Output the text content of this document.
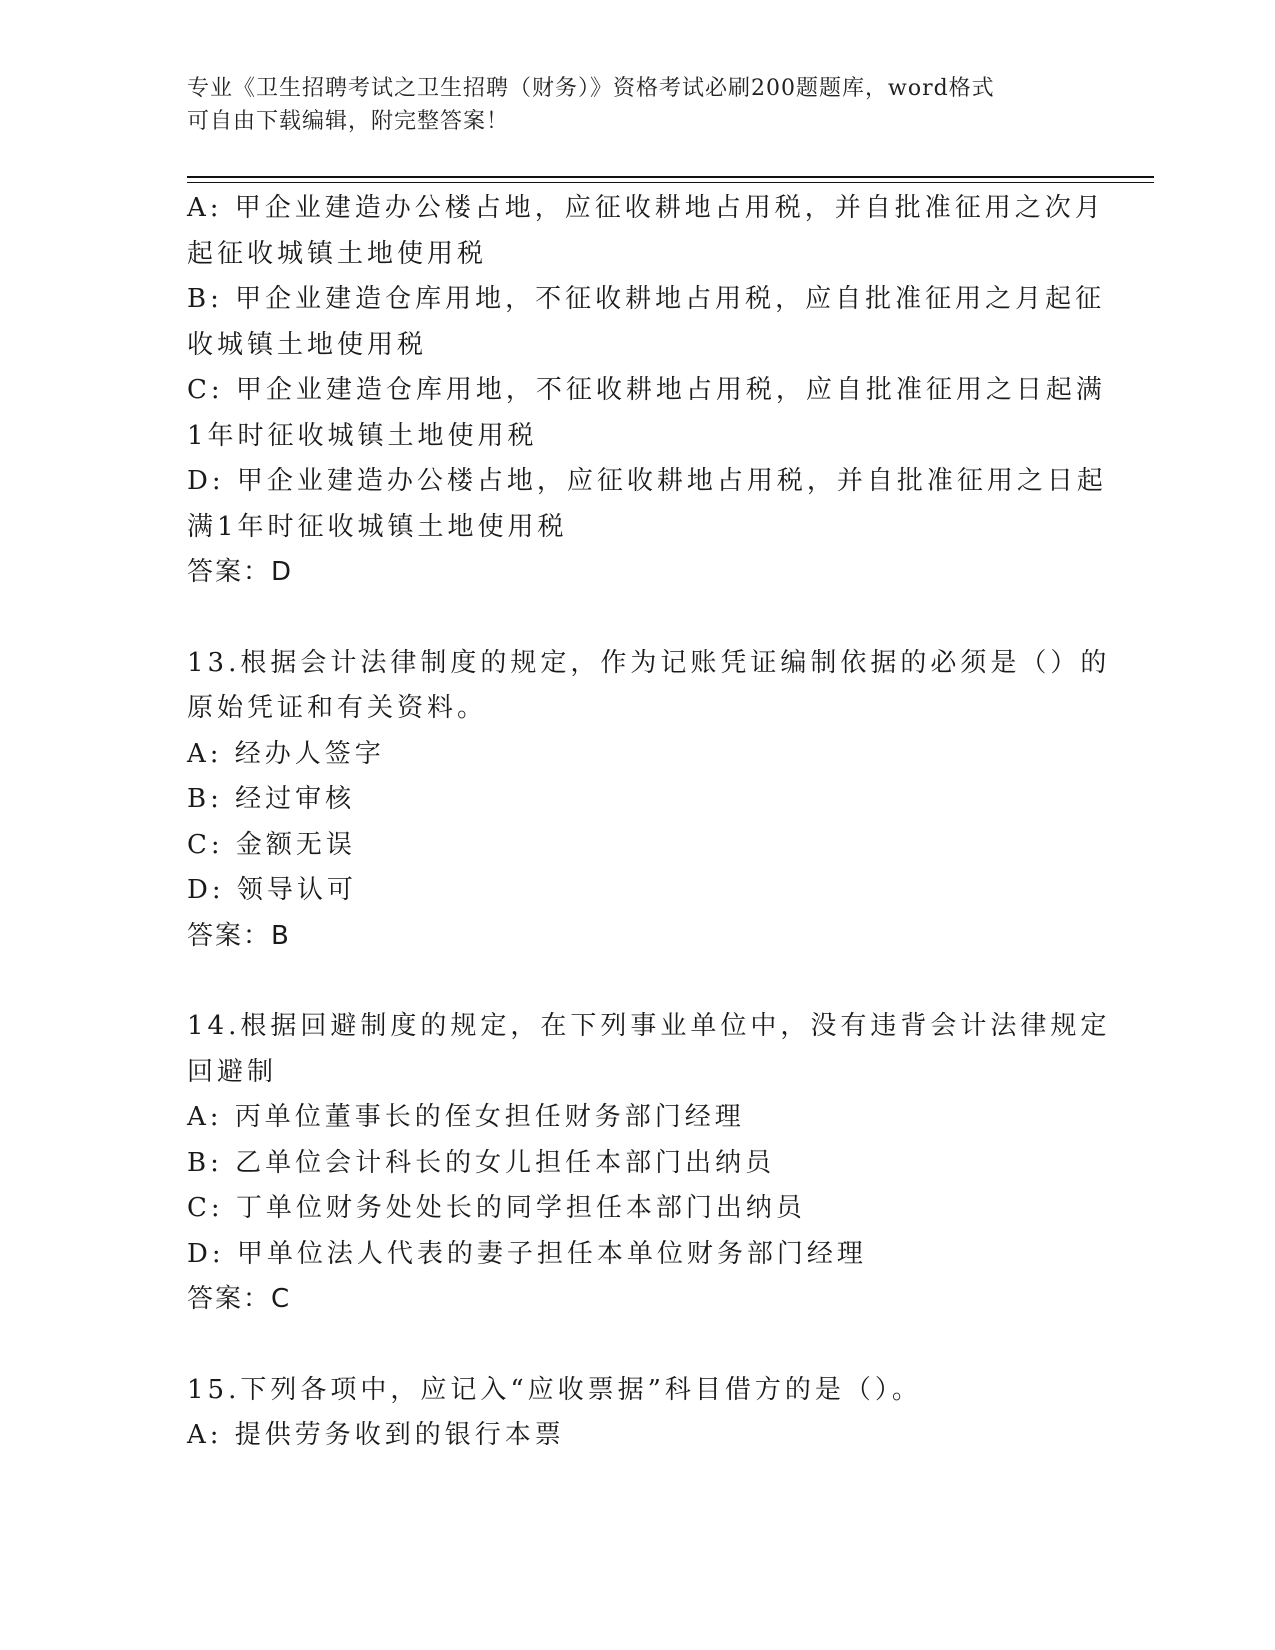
专业《卫生招聘考试之卫生招聘（财务）》资格考试必刷200题题库，word格式
可自由下载编辑，附完整答案！

A: 甲企业建造办公楼占地，应征收耕地占用税，并自批准征用之次月

起征收城镇土地使用税

B: 甲企业建造仓库用地，不征收耕地占用税，应自批准征用之月起征

收城镇土地使用税

C: 甲企业建造仓库用地，不征收耕地占用税，应自批准征用之日起满

1年时征收城镇土地使用税

D: 甲企业建造办公楼占地，应征收耕地占用税，并自批准征用之日起

满1年时征收城镇土地使用税

答案：D

13.根据会计法律制度的规定，作为记账凭证编制依据的必须是（）的

原始凭证和有关资料。

A: 经办人签字

B: 经过审核

C: 金额无误

D: 领导认可

答案：B

14.根据回避制度的规定，在下列事业单位中，没有违背会计法律规定

回避制

A: 丙单位董事长的侄女担任财务部门经理

B: 乙单位会计科长的女儿担任本部门出纳员

C: 丁单位财务处处长的同学担任本部门出纳员

D: 甲单位法人代表的妻子担任本单位财务部门经理

答案：C

15.下列各项中，应记入“应收票据”科目借方的是（）。

A: 提供劳务收到的银行本票
